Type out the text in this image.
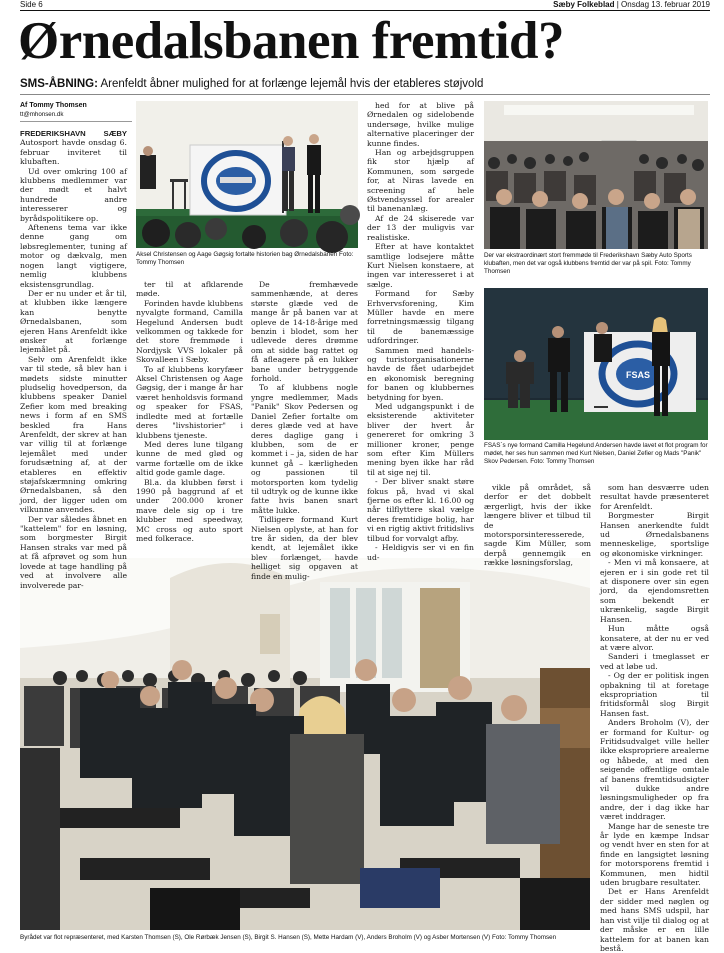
Side 6	Sæby Folkeblad | Onsdag 13. februar 2019
Ørnedalsbanen fremtid?
SMS-ÅBNING: Arenfeldt åbner mulighed for at forlænge lejemål hvis der etableres støjvold
Af Tommy Thomsen
tt@mhonsen.dk
Aksel Christensen og Aage Gøgsig fortalte historien bag Ørnedalsbanen Foto: Tommy Thomsen
Der var ekstraordinært stort fremmøde til Frederikshavn Sæby Auto Sports klubaften, men det var også klubbens fremtid der var på spil. Foto: Tommy Thomsen
FSAS
FSAS´s nye formand Camilla Hegelund Andersen havde lavet et flot program for mødet, her ses hun sammen med Kurt Nielsen, Daniel Zefier og Mads "Panik" Skov Pedersen. Foto: Tommy Thomsen
Byrådet var flot repræsenteret, med Karsten Thomsen (S), Ole Rørbæk Jensen (S), Birgit S. Hansen (S), Mette Hardam (V), Anders Broholm (V) og Asber Mortensen (V) Foto: Tommy Thomsen

FREDERIKSHAVN SÆBY Autosport havde onsdag 6. februar inviteret til klubaften.

Ud over omkring 100 af klubbens medlemmer var der mødt et halvt hundrede andre interesserer og byrådspolitikere op.

Aftenens tema var ikke denne gang om løbsreglementer, tuning af motor og dækvalg, men nogen langt vigtigere, nemlig klubbens eksistensgrundlag.

Der er nu under et år til, at klubben ikke længere kan benytte Ørnedalsbanen, som ejeren Hans Arenfeldt ikke ønsker at forlænge lejemålet på.

Selv om Arenfeldt ikke var til stede, så blev han i mødets sidste minutter pludselig hovedperson, da klubbens speaker Daniel Zefier kom med breaking news i form af en SMS beskled fra Hans Arenfeldt, der skrev at han var villig til at forlænge lejemålet med under forudsætning af, at der etableres en effektiv støjafskærmning omkring Ørnedalsbanen, så den jord, der ligger uden om vilkunne anvendes.

Der var således åbnet en "kattelem" for en løsning, som borgmester Birgit Hansen straks var med på at få afprøvet og som hun lovede at tage handling på ved at involvere alle involverede par-

ter til at afklarende møde.

Forinden havde klubbens nyvalgte formand, Camilla Hegelund Andersen budt velkommen og takkede for det store fremmøde i Nordjysk VVS lokaler på Skovalleen i Sæby.

To af klubbens koryfæer Aksel Christensen og Aage Gøgsig, der i mange år har været henholdsvis formand og speaker for FSAS, indledte med at fortælle deres "livshistorier" i klubbens tjeneste.

Med deres lune tilgang kunne de med glød og varme fortælle om de ikke altid gode gamle dage.

Bl.a. da klubben først i 1990 på baggrund af et under 200.000 kroner mave dele sig op i tre klubber med speedway, MC cross og auto sport med folkerace.

De fremhævede sammenhænde, at deres største glæde ved de mange år på banen var at opleve de 14-18-årige med benzin i blodet, som her udlevede deres drømme om at sidde bag rattet og få afleagere på en lukker bane under betryggende forhold.

To af klubbens nogle yngre medlemmer, Mads "Panik" Skov Pedersen og Daniel Zefier fortalte om deres glæde ved at have deres daglige gang i klubben, som de er kommet i – ja, siden de har kunnet gå – kærligheden og passionen til motorsporten kom tydelig til udtryk og de kunne ikke fatte hvis banen snart måtte lukke.

Tidligere formand Kurt Nielsen oplyste, at han for tre år siden, da der blev kendt, at lejemålet ikke blev forlænget, havde helliget sig opgaven at finde en mulig-

hed for at blive på Ørnedalen og sidelobende undersøge, hvilke mulige alternative placeringer der kunne findes.

Han og arbejdsgruppen fik stor hjælp af Kommunen, som sørgede for, at Niras lavede en screening af hele Østvendsyssel for arealer til banenanlæg.

Af de 24 skiserede var der 13 der muligvis var realistiske.

Efter at have kontaktet samtlige lodsejere måtte Kurt Nielsen konstaere, at ingen var interesseret i at sælge.

Formand for Sæby Erhvervsforening, Kim Müller havde en mere forretningsmæssig tilgang til de banemæssige udfordringer.

Sammen med handels- og turistorganisationerne havde de fået udarbejdet en økonomisk beregning for banen og klubbernes betydning for byen.

Med udgangspunkt i de eksisterende aktiviteter bliver der hvert år genereret for omkring 3 millioner kroner, penge som efter Kim Müllers mening byen ikke har råd til at sige nej til.

- Der bliver snakt støre fokus på, hvad vi skal fjerne os efter kl. 16.00 og når tilflyttere skal vælge deres fremtidige bolig, har vi en rigtig aktivt fritidslivs tilbud for vorvalgt afby.

- Heldigvis ser vi en fin ud-

vikle på området, så derfor er det dobbelt ærgerligt, hvis der ikke længere bliver et tilbud til de motorsporsinteresserede, sagde Kim Müller, som derpå gennemgik en række løsningsforslag,

som han desværre uden resultat havde præsenteret for Arenfeldt.

Borgmester Birgit Hansen anerkendte fuldt ud Ørnedalsbanens menneskelige, sportslige og økonomiske virkninger.

- Men vi må konsaere, at ejeren er i sin gode ret til at disponere over sin egen jord, da ejendomsretten som bekendt er ukrænkelig, sagde Birgit Hansen.

Hun måtte også konsatere, at der nu er ved at være alvor.

Sanderi i tmeglasset er ved at løbe ud.

- Og der er politisk ingen opbakning til at foretage ekspropriation til fritidsformål slog Birgit Hansen fast.

Anders Broholm (V), der er formand for Kultur- og Fritidsudvalget ville heller ikke ekspropriere arealerne og håbede, at med den seigende offentlige omtale af banens fremtidsudsigter vil dukke andre løsningsmuligheder op fra andre, der i dag ikke har været inddrager.

Mange har de seneste tre år lyde en kæmpe Indsar og vendt hver en sten for at finde en langsigtet løsning for motorsporens fremtid i Kommunen, men hidtil uden brugbare resultater.

Det er Hans Arenfeldt der sidder med nøglen og med hans SMS udspil, har han vist vilje til dialog og at der måske er en lille kattelem for at banen kan bestå.
